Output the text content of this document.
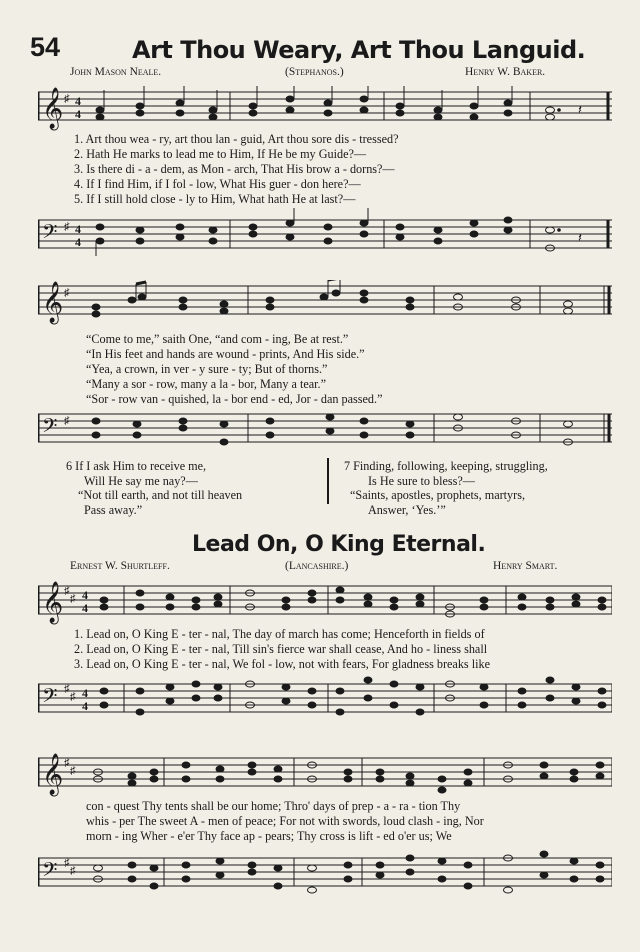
54	Art Thou Weary, Art Thou Languid.
John Mason Neale.	(Stephanos.)	Henry W. Baker.
𝄞 ♯ 4
4	𝄽
1. Art thou wea - ry, art thou lan - guid, Art thou sore dis - tressed?
2. Hath He marks to lead me to Him, If He be my Guide?—
3. Is there di - a - dem, as Mon - arch, That His brow a - dorns?—
4. If I find Him, if I fol - low, What His guer - don here?—
5. If I still hold close - ly to Him, What hath He at last?—
𝄢 ♯ 4
4	𝄽
𝄞 ♯
“Come to me,” saith One, “and com - ing, Be at rest.”
“In His feet and hands are wound - prints, And His side.”
“Yea, a crown, in ver - y sure - ty; But of thorns.”
“Many a sor - row, many a la - bor, Many a tear.”
“Sor - row van - quished, la - bor end - ed, Jor - dan passed.”
𝄢 ♯
6 If I ask Him to receive me,
Will He say me nay?—
“Not till earth, and not till heaven
Pass away.”
7 Finding, following, keeping, struggling,
Is He sure to bless?—
“Saints, apostles, prophets, martyrs,
Answer, ‘Yes.’”
Lead On, O King Eternal.
Ernest W. Shurtleff.	(Lancashire.)	Henry Smart.
𝄞 ♯
♯ 4
4
1. Lead on, O King E - ter - nal, The day of march has come; Henceforth in fields of
2. Lead on, O King E - ter - nal, Till sin's fierce war shall cease, And ho - liness shall
3. Lead on, O King E - ter - nal, We fol - low, not with fears, For gladness breaks like
𝄢 ♯
♯ 4
4
𝄞 ♯
♯
con - quest Thy tents shall be our home; Thro' days of prep - a - ra - tion Thy
whis - per The sweet A - men of peace; For not with swords, loud clash - ing, Nor
morn - ing Wher - e'er Thy face ap - pears; Thy cross is lift - ed o'er us; We
𝄢 ♯
♯
